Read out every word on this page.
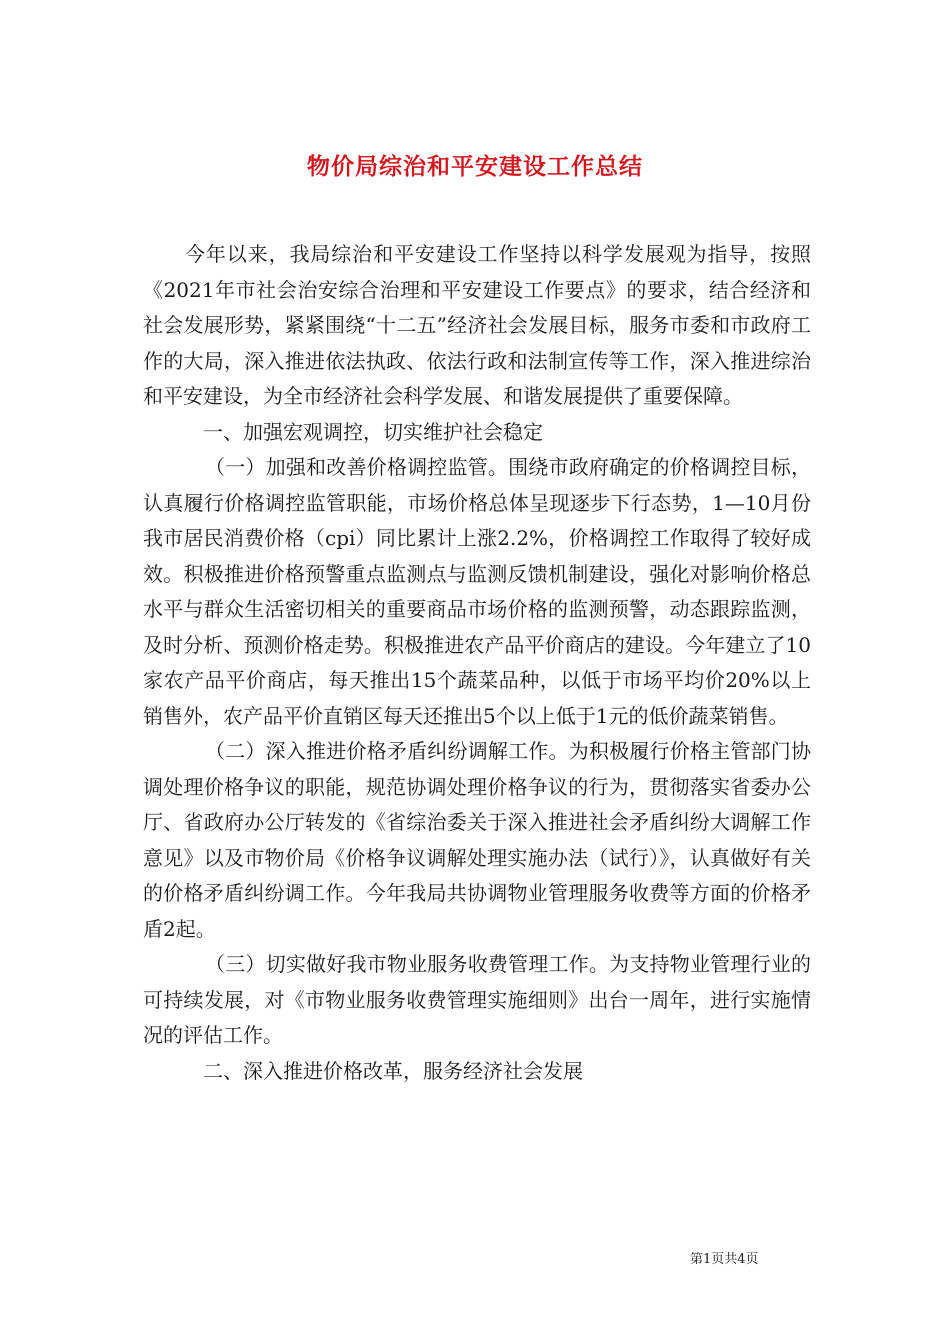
物价局综治和平安建设工作总结

今年以来，我局综治和平安建设工作坚持以科学发展观为指导，按照《2021年市社会治安综合治理和平安建设工作要点》的要求，结合经济和社会发展形势，紧紧围绕“十二五”经济社会发展目标，服务市委和市政府工作的大局，深入推进依法执政、依法行政和法制宣传等工作，深入推进综治和平安建设，为全市经济社会科学发展、和谐发展提供了重要保障。

一、加强宏观调控，切实维护社会稳定

（一）加强和改善价格调控监管。围绕市政府确定的价格调控目标，认真履行价格调控监管职能，市场价格总体呈现逐步下行态势，1—10月份我市居民消费价格（cpi）同比累计上涨2.2%，价格调控工作取得了较好成效。积极推进价格预警重点监测点与监测反馈机制建设，强化对影响价格总水平与群众生活密切相关的重要商品市场价格的监测预警，动态跟踪监测，及时分析、预测价格走势。积极推进农产品平价商店的建设。今年建立了10家农产品平价商店，每天推出15个蔬菜品种，以低于市场平均价20%以上销售外，农产品平价直销区每天还推出5个以上低于1元的低价蔬菜销售。

（二）深入推进价格矛盾纠纷调解工作。为积极履行价格主管部门协调处理价格争议的职能，规范协调处理价格争议的行为，贯彻落实省委办公厅、省政府办公厅转发的《省综治委关于深入推进社会矛盾纠纷大调解工作意见》以及市物价局《价格争议调解处理实施办法（试行）》，认真做好有关的价格矛盾纠纷调工作。今年我局共协调物业管理服务收费等方面的价格矛盾2起。

（三）切实做好我市物业服务收费管理工作。为支持物业管理行业的可持续发展，对《市物业服务收费管理实施细则》出台一周年，进行实施情况的评估工作。

二、深入推进价格改革，服务经济社会发展

第1页共4页
